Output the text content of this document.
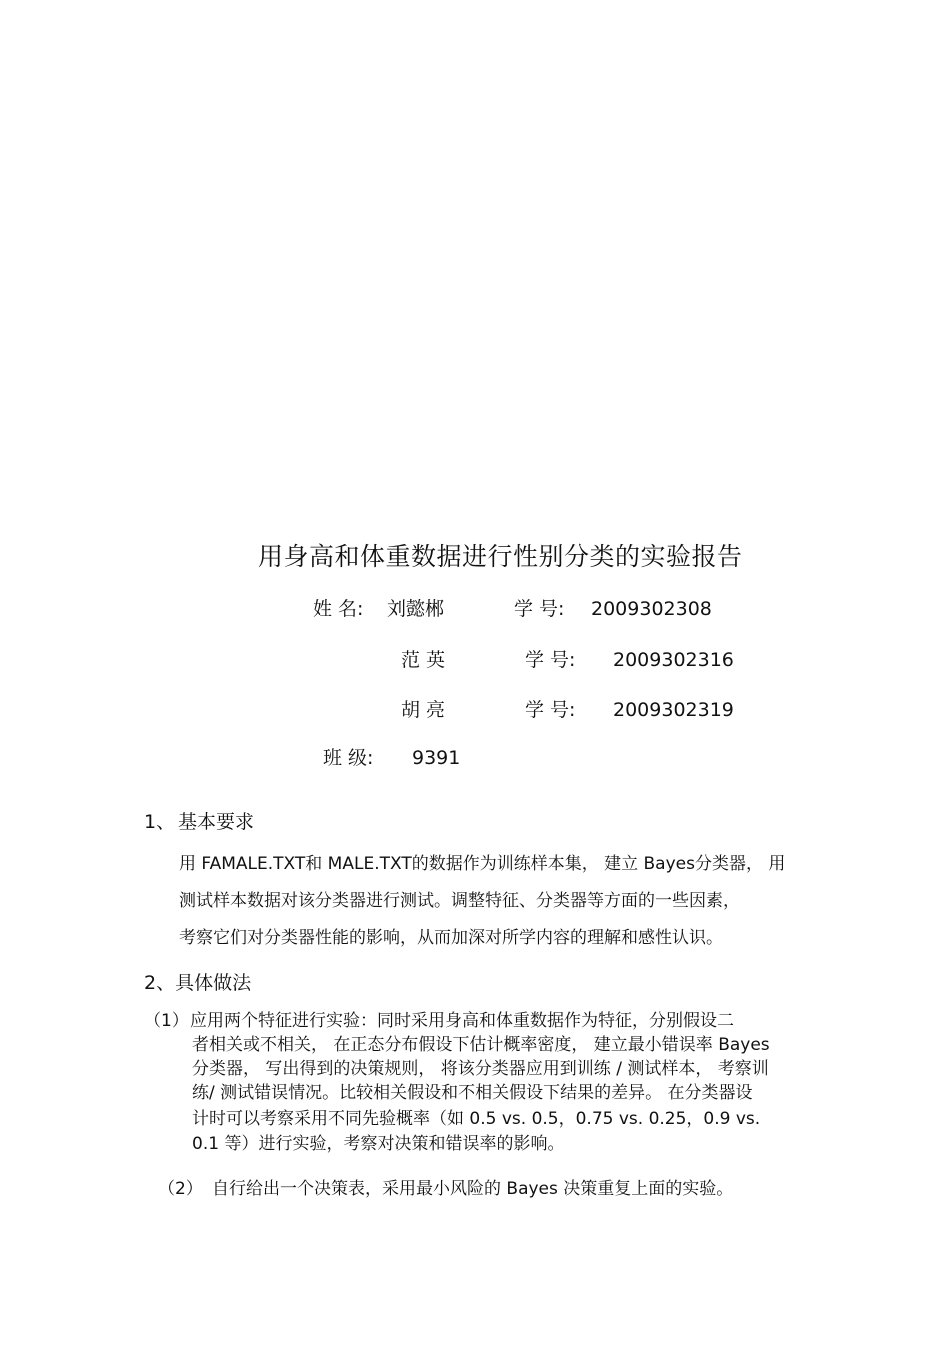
用身高和体重数据进行性别分类的实验报告
姓 名: 刘懿郴	学 号: 2009302308
范 英	学 号: 2009302316
胡 亮	学 号: 2009302319
班 级: 9391
1、 基本要求
用 FAMALE.TXT和 MALE.TXT的数据作为训练样本集， 建立 Bayes分类器， 用
测试样本数据对该分类器进行测试。调整特征、分类器等方面的一些因素，
考察它们对分类器性能的影响，从而加深对所学内容的理解和感性认识。
2、具体做法
（1） 应用两个特征进行实验：同时采用身高和体重数据作为特征，分别假设二
者相关或不相关， 在正态分布假设下估计概率密度， 建立最小错误率 Bayes
分类器， 写出得到的决策规则， 将该分类器应用到训练 / 测试样本， 考察训
练/ 测试错误情况。比较相关假设和不相关假设下结果的差异。 在分类器设
计时可以考察采用不同先验概率（如 0.5 vs. 0.5，0.75 vs. 0.25，0.9 vs.
0.1 等）进行实验，考察对决策和错误率的影响。
（2） 自行给出一个决策表，采用最小风险的 Bayes 决策重复上面的实验。
